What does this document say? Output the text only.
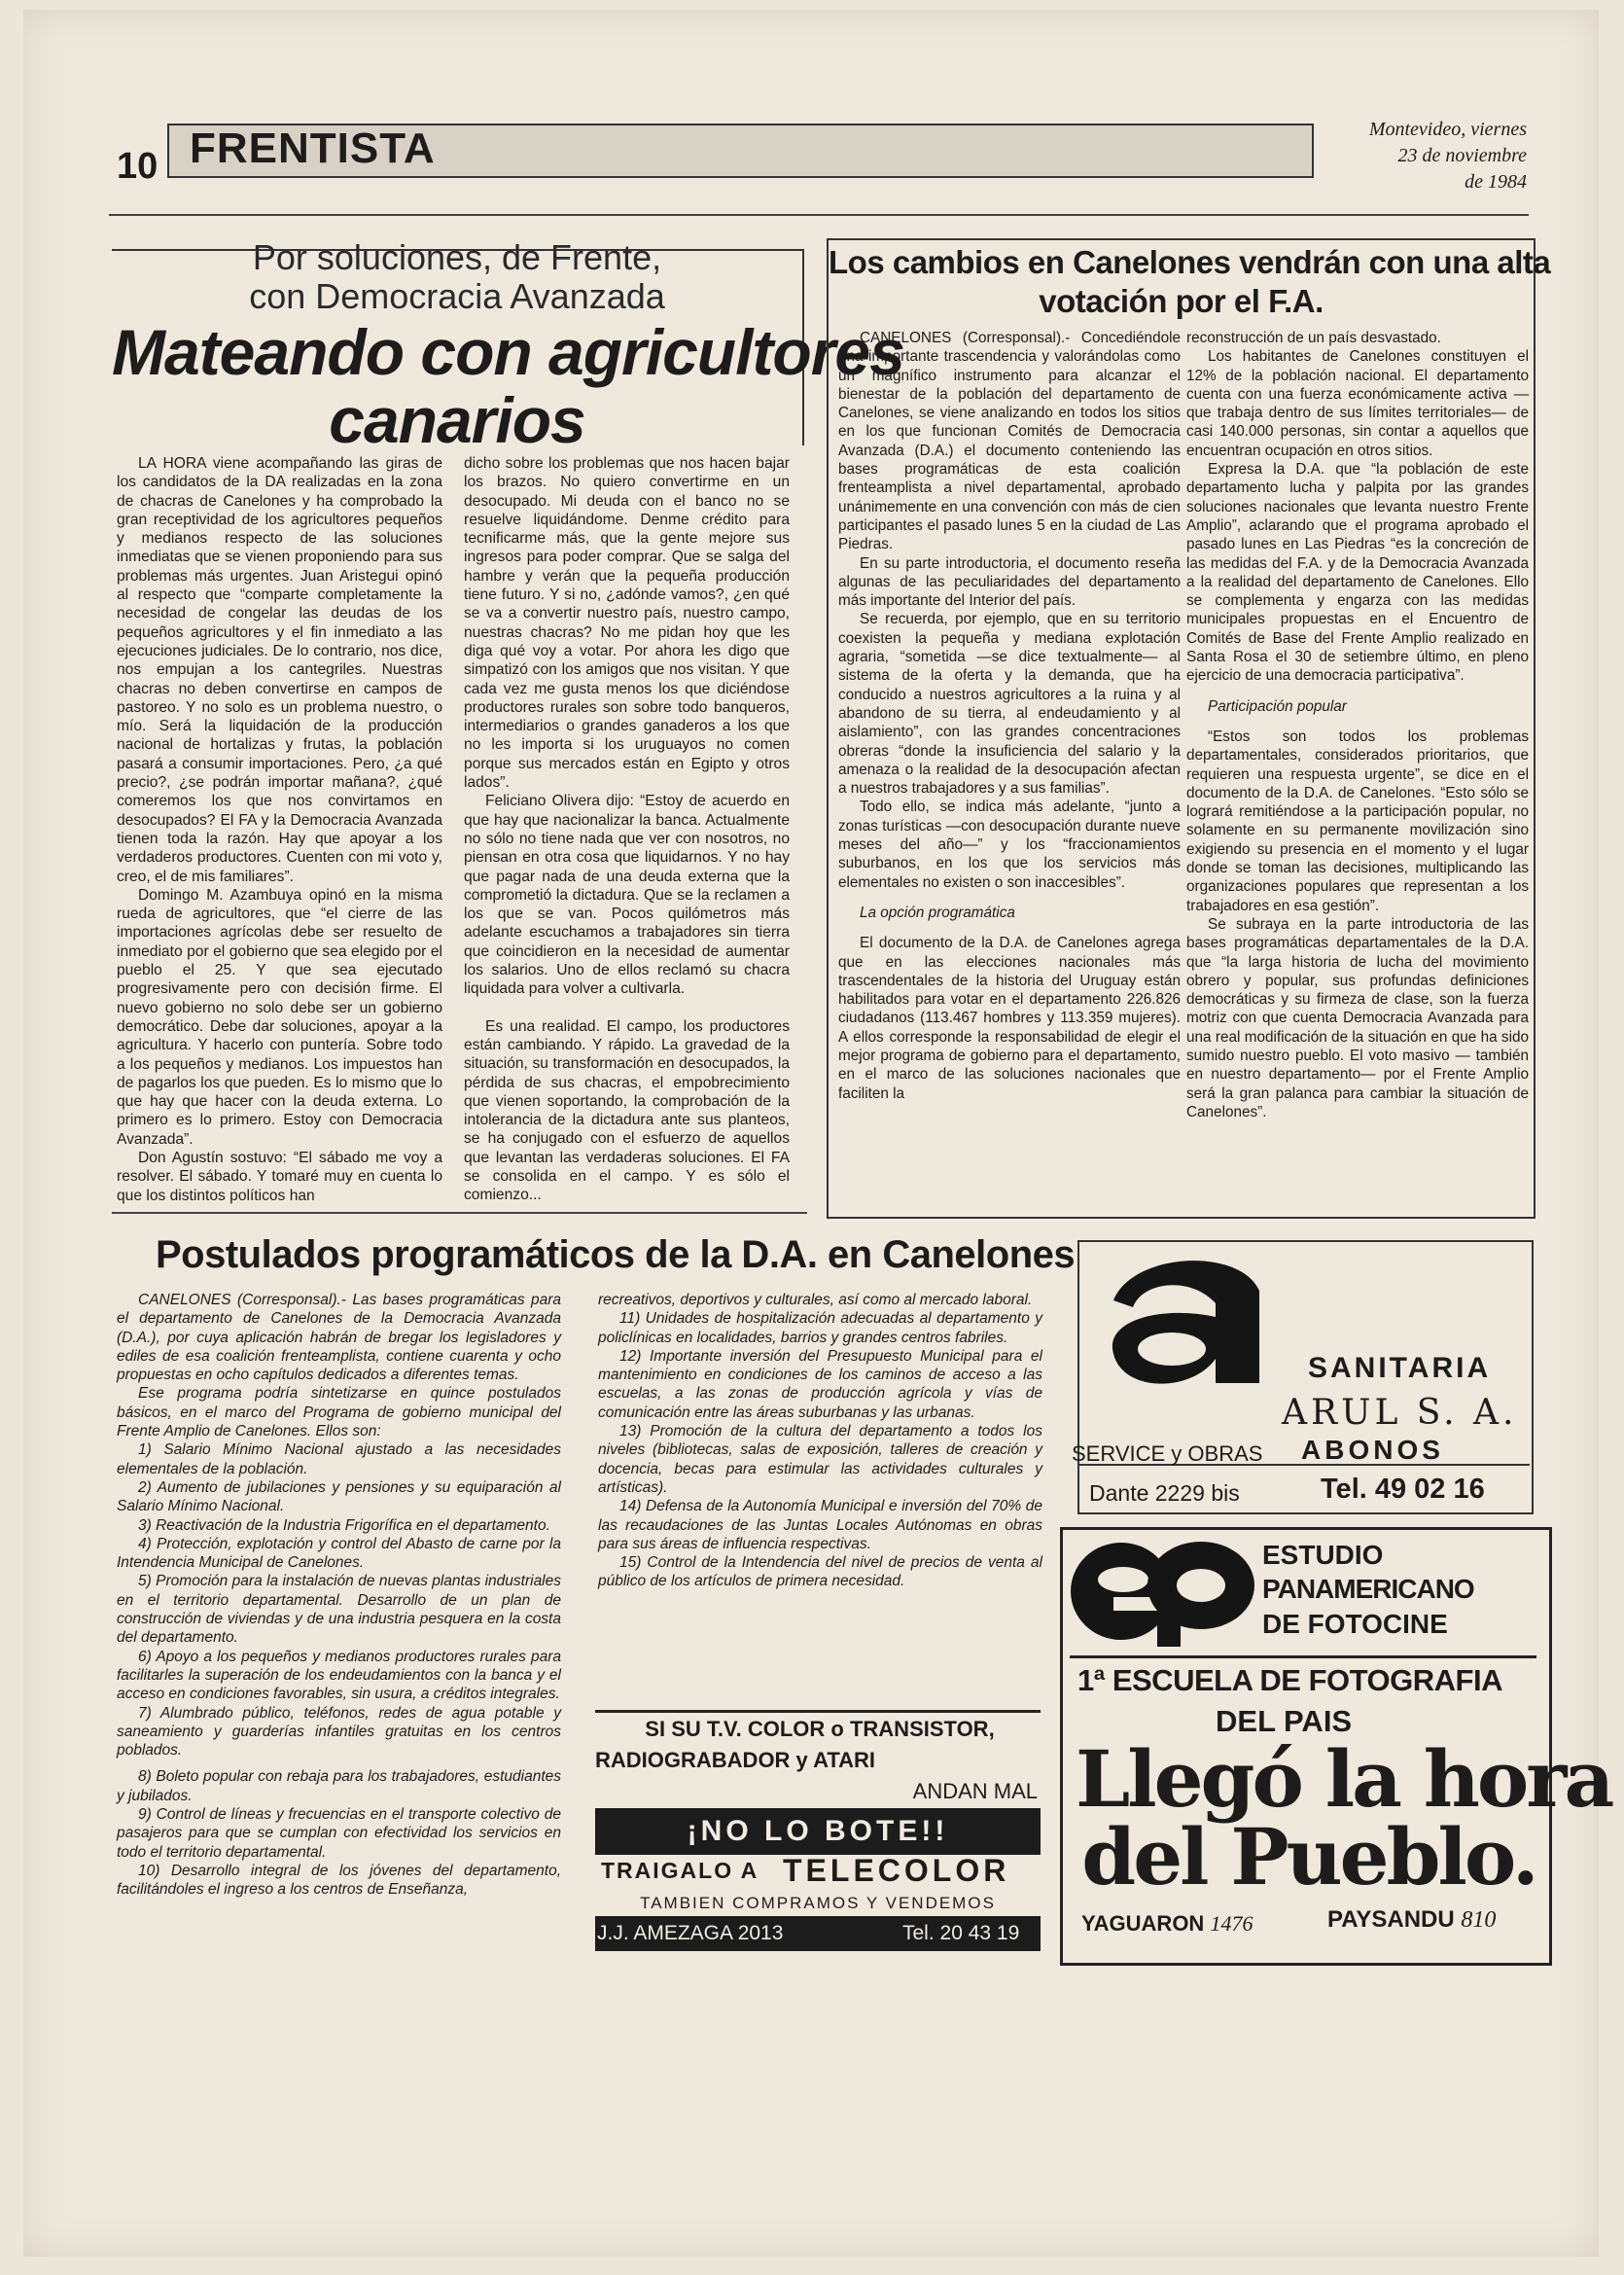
10 FRENTISTA	Montevideo, viernes
23 de noviembre
de 1984
Por soluciones, de Frente,
con Democracia Avanzada
Mateando con agricultores
canarios

LA HORA viene acompañando las giras de los candidatos de la DA realizadas en la zona de chacras de Canelones y ha comprobado la gran receptividad de los agricultores pequeños y medianos respecto de las soluciones inmediatas que se vienen proponiendo para sus problemas más urgentes. Juan Aristegui opinó al respecto que “comparte completamente la necesidad de congelar las deudas de los pequeños agricultores y el fin inmediato a las ejecuciones judiciales. De lo contrario, nos dice, nos empujan a los cantegriles. Nuestras chacras no deben convertirse en campos de pastoreo. Y no solo es un problema nuestro, o mío. Será la liquidación de la producción nacional de hortalizas y frutas, la población pasará a consumir importaciones. Pero, ¿a qué precio?, ¿se podrán importar mañana?, ¿qué comeremos los que nos convirtamos en desocupados? El FA y la Democracia Avanzada tienen toda la razón. Hay que apoyar a los verdaderos productores. Cuenten con mi voto y, creo, el de mis familiares”.

Domingo M. Azambuya opinó en la misma rueda de agricultores, que “el cierre de las importaciones agrícolas debe ser resuelto de inmediato por el gobierno que sea elegido por el pueblo el 25. Y que sea ejecutado progresivamente pero con decisión firme. El nuevo gobierno no solo debe ser un gobierno democrático. Debe dar soluciones, apoyar a la agricultura. Y hacerlo con puntería. Sobre todo a los pequeños y medianos. Los impuestos han de pagarlos los que pueden. Es lo mismo que lo que hay que hacer con la deuda externa. Lo primero es lo primero. Estoy con Democracia Avanzada”.

Don Agustín sostuvo: “El sábado me voy a resolver. El sábado. Y tomaré muy en cuenta lo que los distintos políticos han

dicho sobre los problemas que nos hacen bajar los brazos. No quiero convertirme en un desocupado. Mi deuda con el banco no se resuelve liquidándome. Denme crédito para tecnificarme más, que la gente mejore sus ingresos para poder comprar. Que se salga del hambre y verán que la pequeña producción tiene futuro. Y si no, ¿adónde vamos?, ¿en qué se va a convertir nuestro país, nuestro campo, nuestras chacras? No me pidan hoy que les diga qué voy a votar. Por ahora les digo que simpatizó con los amigos que nos visitan. Y que cada vez me gusta menos los que diciéndose productores rurales son sobre todo banqueros, intermediarios o grandes ganaderos a los que no les importa si los uruguayos no comen porque sus mercados están en Egipto y otros lados”.

Feliciano Olivera dijo: “Estoy de acuerdo en que hay que nacionalizar la banca. Actualmente no sólo no tiene nada que ver con nosotros, no piensan en otra cosa que liquidarnos. Y no hay que pagar nada de una deuda externa que la comprometió la dictadura. Que se la reclamen a los que se van. Pocos quilómetros más adelante escuchamos a trabajadores sin tierra que coincidieron en la necesidad de aumentar los salarios. Uno de ellos reclamó su chacra liquidada para volver a cultivarla.

Es una realidad. El campo, los productores están cambiando. Y rápido. La gravedad de la situación, su transformación en desocupados, la pérdida de sus chacras, el empobrecimiento que vienen soportando, la comprobación de la intolerancia de la dictadura ante sus planteos, se ha conjugado con el esfuerzo de aquellos que levantan las verdaderas soluciones. El FA se consolida en el campo. Y es sólo el comienzo...

Los cambios en Canelones vendrán con una alta
votación por el F.A.

CANELONES (Corresponsal).- Concediéndole una importante trascendencia y valorándolas como un magnífico instrumento para alcanzar el bienestar de la población del departamento de Canelones, se viene analizando en todos los sitios en los que funcionan Comités de Democracia Avanzada (D.A.) el documento conteniendo las bases programáticas de esta coalición frenteamplista a nivel departamental, aprobado unánimemente en una convención con más de cien participantes el pasado lunes 5 en la ciudad de Las Piedras.

En su parte introductoria, el documento reseña algunas de las peculiaridades del departamento más importante del Interior del país.

Se recuerda, por ejemplo, que en su territorio coexisten la pequeña y mediana explotación agraria, “sometida —se dice textualmente— al sistema de la oferta y la demanda, que ha conducido a nuestros agricultores a la ruina y al abandono de su tierra, al endeudamiento y al aislamiento”, con las grandes concentraciones obreras “donde la insuficiencia del salario y la amenaza o la realidad de la desocupación afectan a nuestros trabajadores y a sus familias”.

Todo ello, se indica más adelante, “junto a zonas turísticas —con desocupación durante nueve meses del año—” y los “fraccionamientos suburbanos, en los que los servicios más elementales no existen o son inaccesibles”.

La opción programática

El documento de la D.A. de Canelones agrega que en las elecciones nacionales más trascendentales de la historia del Uruguay están habilitados para votar en el departamento 226.826 ciudadanos (113.467 hombres y 113.359 mujeres). A ellos corresponde la responsabilidad de elegir el mejor programa de gobierno para el departamento, en el marco de las soluciones nacionales que faciliten la

reconstrucción de un país desvastado.

Los habitantes de Canelones constituyen el 12% de la población nacional. El departamento cuenta con una fuerza económicamente activa —que trabaja dentro de sus límites territoriales— de casi 140.000 personas, sin contar a aquellos que encuentran ocupación en otros sitios.

Expresa la D.A. que “la población de este departamento lucha y palpita por las grandes soluciones nacionales que levanta nuestro Frente Amplio”, aclarando que el programa aprobado el pasado lunes en Las Piedras “es la concreción de las medidas del F.A. y de la Democracia Avanzada a la realidad del departamento de Canelones. Ello se complementa y engarza con las medidas municipales propuestas en el Encuentro de Comités de Base del Frente Amplio realizado en Santa Rosa el 30 de setiembre último, en pleno ejercicio de una democracia participativa”.

Participación popular

“Estos son todos los problemas departamentales, considerados prioritarios, que requieren una respuesta urgente”, se dice en el documento de la D.A. de Canelones. “Esto sólo se logrará remitiéndose a la participación popular, no solamente en su permanente movilización sino exigiendo su presencia en el momento y el lugar donde se toman las decisiones, multiplicando las organizaciones populares que representan a los trabajadores en esa gestión”.

Se subraya en la parte introductoria de las bases programáticas departamentales de la D.A. que “la larga historia de lucha del movimiento obrero y popular, sus profundas definiciones democráticas y su firmeza de clase, son la fuerza motriz con que cuenta Democracia Avanzada para una real modificación de la situación en que ha sido sumido nuestro pueblo. El voto masivo — también en nuestro departamento— por el Frente Amplio será la gran palanca para cambiar la situación de Canelones”.

Postulados programáticos de la D.A. en Canelones

CANELONES (Corresponsal).- Las bases programáticas para el departamento de Canelones de la Democracia Avanzada (D.A.), por cuya aplicación habrán de bregar los legisladores y ediles de esa coalición frenteamplista, contiene cuarenta y ocho propuestas en ocho capítulos dedicados a diferentes temas.

Ese programa podría sintetizarse en quince postulados básicos, en el marco del Programa de gobierno municipal del Frente Amplio de Canelones. Ellos son:

1) Salario Mínimo Nacional ajustado a las necesidades elementales de la población.

2) Aumento de jubilaciones y pensiones y su equiparación al Salario Mínimo Nacional.

3) Reactivación de la Industria Frigorífica en el departamento.

4) Protección, explotación y control del Abasto de carne por la Intendencia Municipal de Canelones.

5) Promoción para la instalación de nuevas plantas industriales en el territorio departamental. Desarrollo de un plan de construcción de viviendas y de una industria pesquera en la costa del departamento.

6) Apoyo a los pequeños y medianos productores rurales para facilitarles la superación de los endeudamientos con la banca y el acceso en condiciones favorables, sin usura, a créditos integrales.

7) Alumbrado público, teléfonos, redes de agua potable y saneamiento y guarderías infantiles gratuitas en los centros poblados.

8) Boleto popular con rebaja para los trabajadores, estudiantes y jubilados.

9) Control de líneas y frecuencias en el transporte colectivo de pasajeros para que se cumplan con efectividad los servicios en todo el territorio departamental.

10) Desarrollo integral de los jóvenes del departamento, facilitándoles el ingreso a los centros de Enseñanza,

recreativos, deportivos y culturales, así como al mercado laboral.

11) Unidades de hospitalización adecuadas al departamento y policlínicas en localidades, barrios y grandes centros fabriles.

12) Importante inversión del Presupuesto Municipal para el mantenimiento en condiciones de los caminos de acceso a las escuelas, a las zonas de producción agrícola y vías de comunicación entre las áreas suburbanas y las urbanas.

13) Promoción de la cultura del departamento a todos los niveles (bibliotecas, salas de exposición, talleres de creación y docencia, becas para estimular las actividades culturales y artísticas).

14) Defensa de la Autonomía Municipal e inversión del 70% de las recaudaciones de las Juntas Locales Autónomas en obras para sus áreas de influencia respectivas.

15) Control de la Intendencia del nivel de precios de venta al público de los artículos de primera necesidad.

SI SU T.V. COLOR o TRANSISTOR,
RADIOGRABADOR y ATARI
ANDAN MAL
¡NO LO BOTE!!
TRAIGALO A TELECOLOR
TAMBIEN COMPRAMOS Y VENDEMOS
J.J. AMEZAGA 2013	Tel. 20 43 19
SANITARIA
ARUL S. A.
SERVICE y OBRAS ABONOS
Dante 2229 bis	Tel. 49 02 16
ESTUDIO
PANAMERICANO
DE FOTOCINE
1ª ESCUELA DE FOTOGRAFIA
DEL PAIS
Llegó la hora
del Pueblo.
YAGUARON 1476	PAYSANDU 810
